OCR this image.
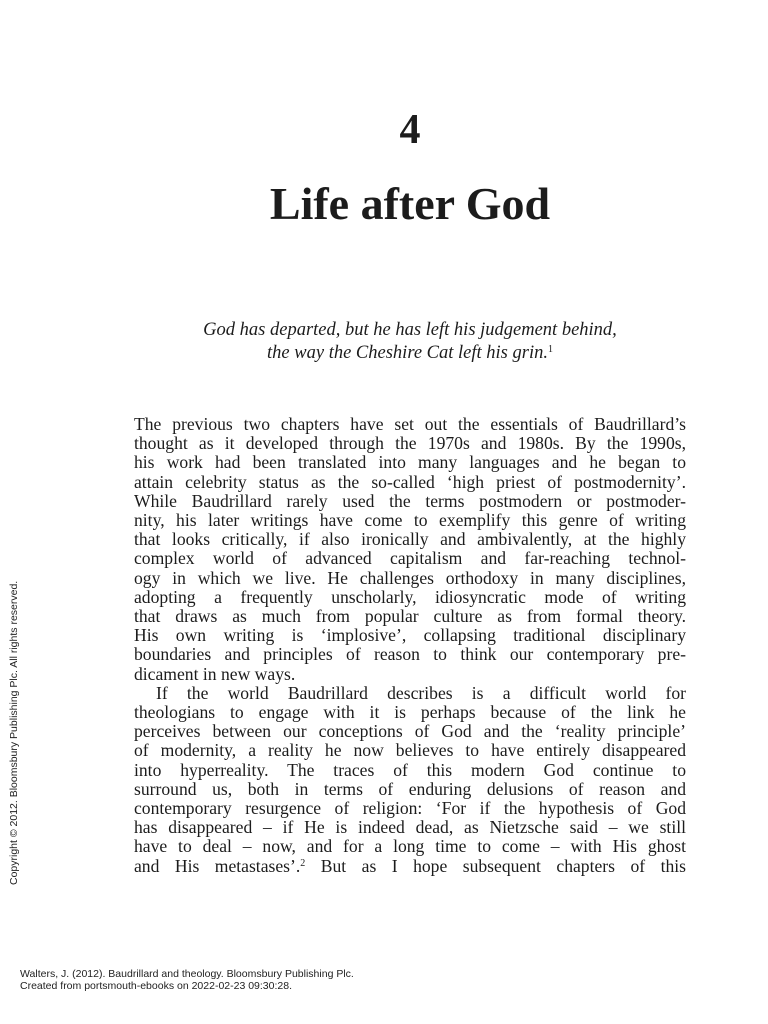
4
Life after God
God has departed, but he has left his judgement behind,
the way the Cheshire Cat left his grin.$^1$

The previous two chapters have set out the essentials of Baudrillard’s
thought as it developed through the 1970s and 1980s. By the 1990s,
his work had been translated into many languages and he began to
attain celebrity status as the so-called ‘high priest of postmodernity’.
While Baudrillard rarely used the terms postmodern or postmoder-
nity, his later writings have come to exemplify this genre of writing
that looks critically, if also ironically and ambivalently, at the highly
complex world of advanced capitalism and far-reaching technol-
ogy in which we live. He challenges orthodoxy in many disciplines,
adopting a frequently unscholarly, idiosyncratic mode of writing
that draws as much from popular culture as from formal theory.
His own writing is ‘implosive’, collapsing traditional disciplinary
boundaries and principles of reason to think our contemporary pre-
dicament in new ways.

If the world Baudrillard describes is a difficult world for
theologians to engage with it is perhaps because of the link he
perceives between our conceptions of God and the ‘reality principle’
of modernity, a reality he now believes to have entirely disappeared
into hyperreality. The traces of this modern God continue to
surround us, both in terms of enduring delusions of reason and
contemporary resurgence of religion: ‘For if the hypothesis of God
has disappeared – if He is indeed dead, as Nietzsche said – we still
have to deal – now, and for a long time to come – with His ghost
and His metastases’.$^2$ But as I hope subsequent chapters of this

Copyright © 2012. Bloomsbury Publishing Plc. All rights reserved.
Walters, J. (2012). Baudrillard and theology. Bloomsbury Publishing Plc.
Created from portsmouth-ebooks on 2022-02-23 09:30:28.
